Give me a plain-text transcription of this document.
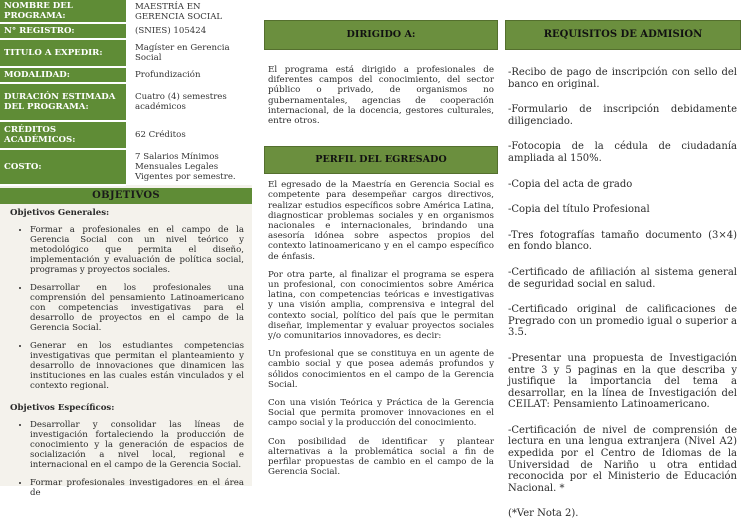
NOMBRE DEL PROGRAMA:	MAESTRÍA EN GERENCIA SOCIAL
N° REGISTRO:	(SNIES) 105424
TITULO A EXPEDIR:	Magíster en Gerencia Social
MODALIDAD:	Profundización
DURACIÓN ESTIMADA DEL PROGRAMA:	Cuatro (4) semestres académicos
CRÉDITOS ACADÉMICOS:	62 Créditos
COSTO:	7 Salarios Mínimos Mensuales Legales Vigentes por semestre.
OBJETIVOS
Objetivos Generales:
• Formar a profesionales en el campo de la Gerencia Social con un nivel teórico y metodológico que permita el diseño, implementación y evaluación de política social, programas y proyectos sociales.
• Desarrollar en los profesionales una comprensión del pensamiento Latinoamericano con competencias investigativas para el desarrollo de proyectos en el campo de la Gerencia Social.
• Generar en los estudiantes competencias investigativas que permitan el planteamiento y desarrollo de innovaciones que dinamicen las instituciones en las cuales están vinculados y el contexto regional.
Objetivos Específicos:
• Desarrollar y consolidar las líneas de investigación fortaleciendo la producción de conocimiento y la generación de espacios de socialización a nivel local, regional e internacional en el campo de la Gerencia Social.
• Formar profesionales investigadores en el área de
DIRIGIDO A:

El programa está dirigido a profesionales de diferentes campos del conocimiento, del sector público o privado, de organismos no gubernamentales, agencias de cooperación internacional, de la docencia, gestores culturales, entre otros.

PERFIL DEL EGRESADO

El egresado de la Maestría en Gerencia Social es competente para desempeñar cargos directivos, realizar estudios específicos sobre América Latina, diagnosticar problemas sociales y en organismos nacionales e internacionales, brindando una asesoría idónea sobre aspectos propios del contexto latinoamericano y en el campo específico de énfasis.

Por otra parte, al finalizar el programa se espera un profesional, con conocimientos sobre América latina, con competencias teóricas e investigativas y una visión amplia, comprensiva e integral del contexto social, político del país que le permitan diseñar, implementar y evaluar proyectos sociales y/o comunitarios innovadores, es decir:

Un profesional que se constituya en un agente de cambio social y que posea además profundos y sólidos conocimientos en el campo de la Gerencia Social.

Con una visión Teórica y Práctica de la Gerencia Social que permita promover innovaciones en el campo social y la producción del conocimiento.

Con posibilidad de identificar y plantear alternativas a la problemática social a fin de perfilar propuestas de cambio en el campo de la Gerencia Social.

REQUISITOS DE ADMISION

-Recibo de pago de inscripción con sello del banco en original.

-Formulario de inscripción debidamente diligenciado.

-Fotocopia de la cédula de ciudadanía ampliada al 150%.

-Copia del acta de grado

-Copia del título Profesional

-Tres fotografías tamaño documento (3×4) en fondo blanco.

-Certificado de afiliación al sistema general de seguridad social en salud.

-Certificado original de calificaciones de Pregrado con un promedio igual o superior a 3.5.

-Presentar una propuesta de Investigación entre 3 y 5 paginas en la que describa y justifique la importancia del tema a desarrollar, en la línea de Investigación del CEILAT: Pensamiento Latinoamericano.

-Certificación de nivel de comprensión de lectura en una lengua extranjera (Nivel A2) expedida por el Centro de Idiomas de la Universidad de Nariño u otra entidad reconocida por el Ministerio de Educación Nacional. *

(*Ver Nota 2).
